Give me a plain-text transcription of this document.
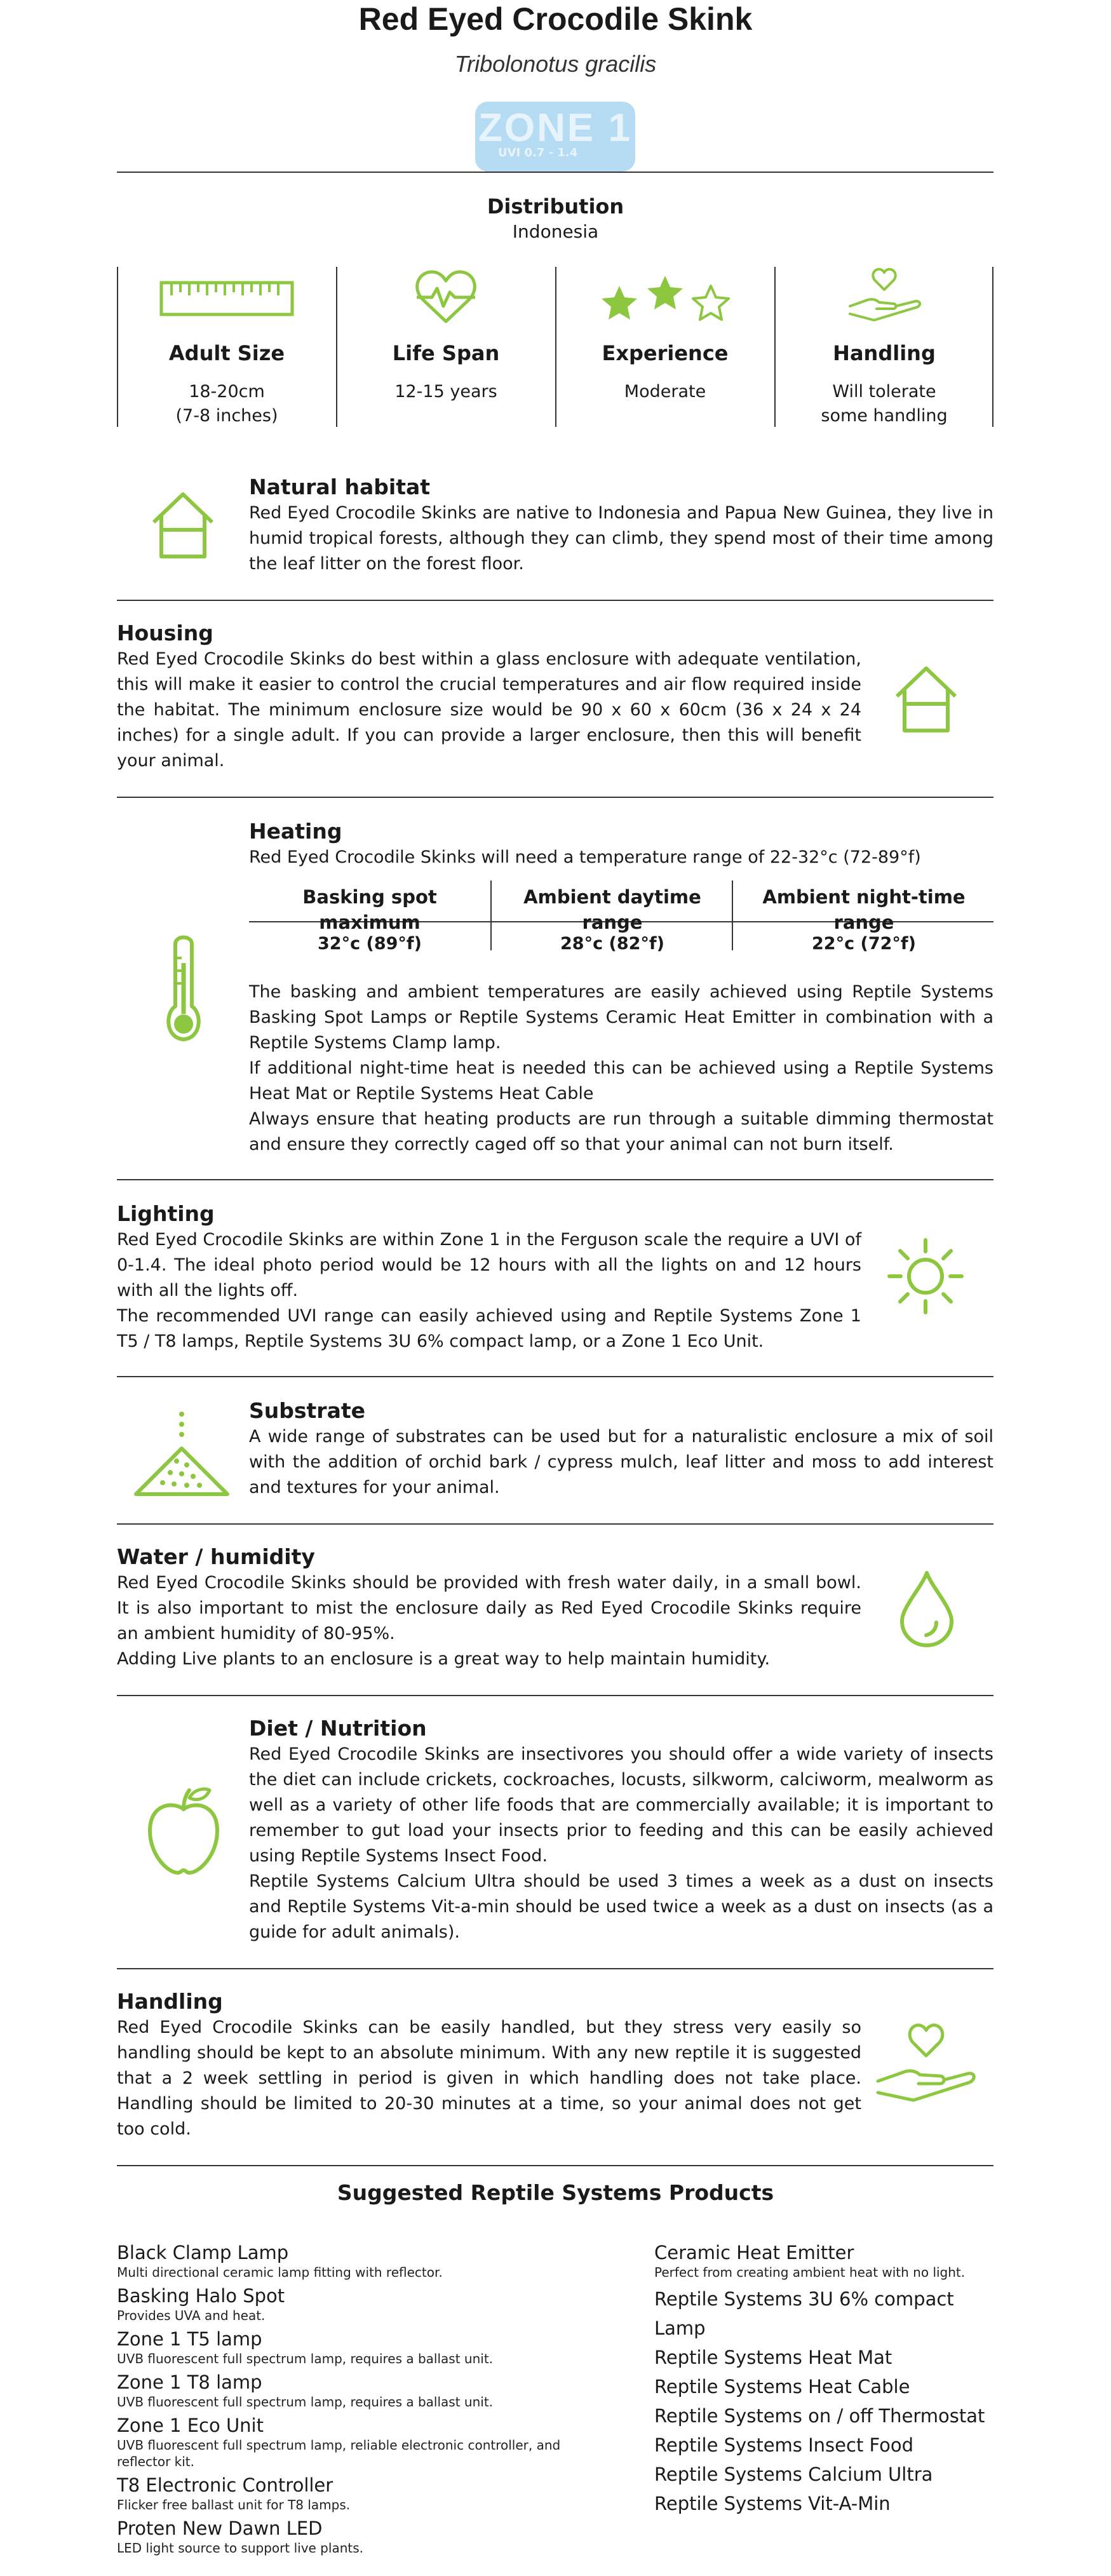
Red Eyed Crocodile Skink
Tribolonotus gracilis
ZONE 1
UVI 0.7 - 1.4
Distribution
Indonesia
Adult Size
18-20cm
(7-8 inches)
Life Span
12-15 years
Experience
Moderate
Handling
Will tolerate
some handling
Natural habitat
Red Eyed Crocodile Skinks are native to Indonesia and Papua New Guinea, they live in humid tropical forests, although they can climb, they spend most of their time among the leaf litter on the forest floor.
Housing
Red Eyed Crocodile Skinks do best within a glass enclosure with adequate ventilation, this will make it easier to control the crucial temperatures and air flow required inside the habitat. The minimum enclosure size would be 90 x 60 x 60cm (36 x 24 x 24 inches) for a single adult. If you can provide a larger enclosure, then this will benefit your animal.
Heating
Red Eyed Crocodile Skinks will need a temperature range of 22-32°c (72-89°f)
Basking spot maximum
32°c (89°f)
Ambient daytime range
28°c (82°f)
Ambient night-time range
22°c (72°f)

The basking and ambient temperatures are easily achieved using Reptile Systems Basking Spot Lamps or Reptile Systems Ceramic Heat Emitter in combination with a Reptile Systems Clamp lamp.

If additional night-time heat is needed this can be achieved using a Reptile Systems Heat Mat or Reptile Systems Heat Cable

Always ensure that heating products are run through a suitable dimming thermostat and ensure they correctly caged off so that your animal can not burn itself.

Lighting

Red Eyed Crocodile Skinks are within Zone 1 in the Ferguson scale the require a UVI of 0-1.4. The ideal photo period would be 12 hours with all the lights on and 12 hours with all the lights off.

The recommended UVI range can easily achieved using and Reptile Systems Zone 1 T5 / T8 lamps, Reptile Systems 3U 6% compact lamp, or a Zone 1 Eco Unit.

Substrate
A wide range of substrates can be used but for a naturalistic enclosure a mix of soil with the addition of orchid bark / cypress mulch, leaf litter and moss to add interest and textures for your animal.
Water / humidity

Red Eyed Crocodile Skinks should be provided with fresh water daily, in a small bowl. It is also important to mist the enclosure daily as Red Eyed Crocodile Skinks require an ambient humidity of 80-95%.

Adding Live plants to an enclosure is a great way to help maintain humidity.

Diet / Nutrition

Red Eyed Crocodile Skinks are insectivores you should offer a wide variety of insects the diet can include crickets, cockroaches, locusts, silkworm, calciworm, mealworm as well as a variety of other life foods that are commercially available; it is important to remember to gut load your insects prior to feeding and this can be easily achieved using Reptile Systems Insect Food.

Reptile Systems Calcium Ultra should be used 3 times a week as a dust on insects and Reptile Systems Vit-a-min should be used twice a week as a dust on insects (as a guide for adult animals).

Handling
Red Eyed Crocodile Skinks can be easily handled, but they stress very easily so handling should be kept to an absolute minimum. With any new reptile it is suggested that a 2 week settling in period is given in which handling does not take place. Handling should be limited to 20-30 minutes at a time, so your animal does not get too cold.
Suggested Reptile Systems Products
Black Clamp Lamp
Multi directional ceramic lamp fitting with reflector.
Basking Halo Spot
Provides UVA and heat.
Zone 1 T5 lamp
UVB fluorescent full spectrum lamp, requires a ballast unit.
Zone 1 T8 lamp
UVB fluorescent full spectrum lamp, requires a ballast unit.
Zone 1 Eco Unit
UVB fluorescent full spectrum lamp, reliable electronic controller, and reflector kit.
T8 Electronic Controller
Flicker free ballast unit for T8 lamps.
Proten New Dawn LED
LED light source to support live plants.
Ceramic Heat Emitter
Perfect from creating ambient heat with no light.
Reptile Systems 3U 6% compact Lamp
Reptile Systems Heat Mat
Reptile Systems Heat Cable
Reptile Systems on / off Thermostat
Reptile Systems Insect Food
Reptile Systems Calcium Ultra
Reptile Systems Vit-A-Min
